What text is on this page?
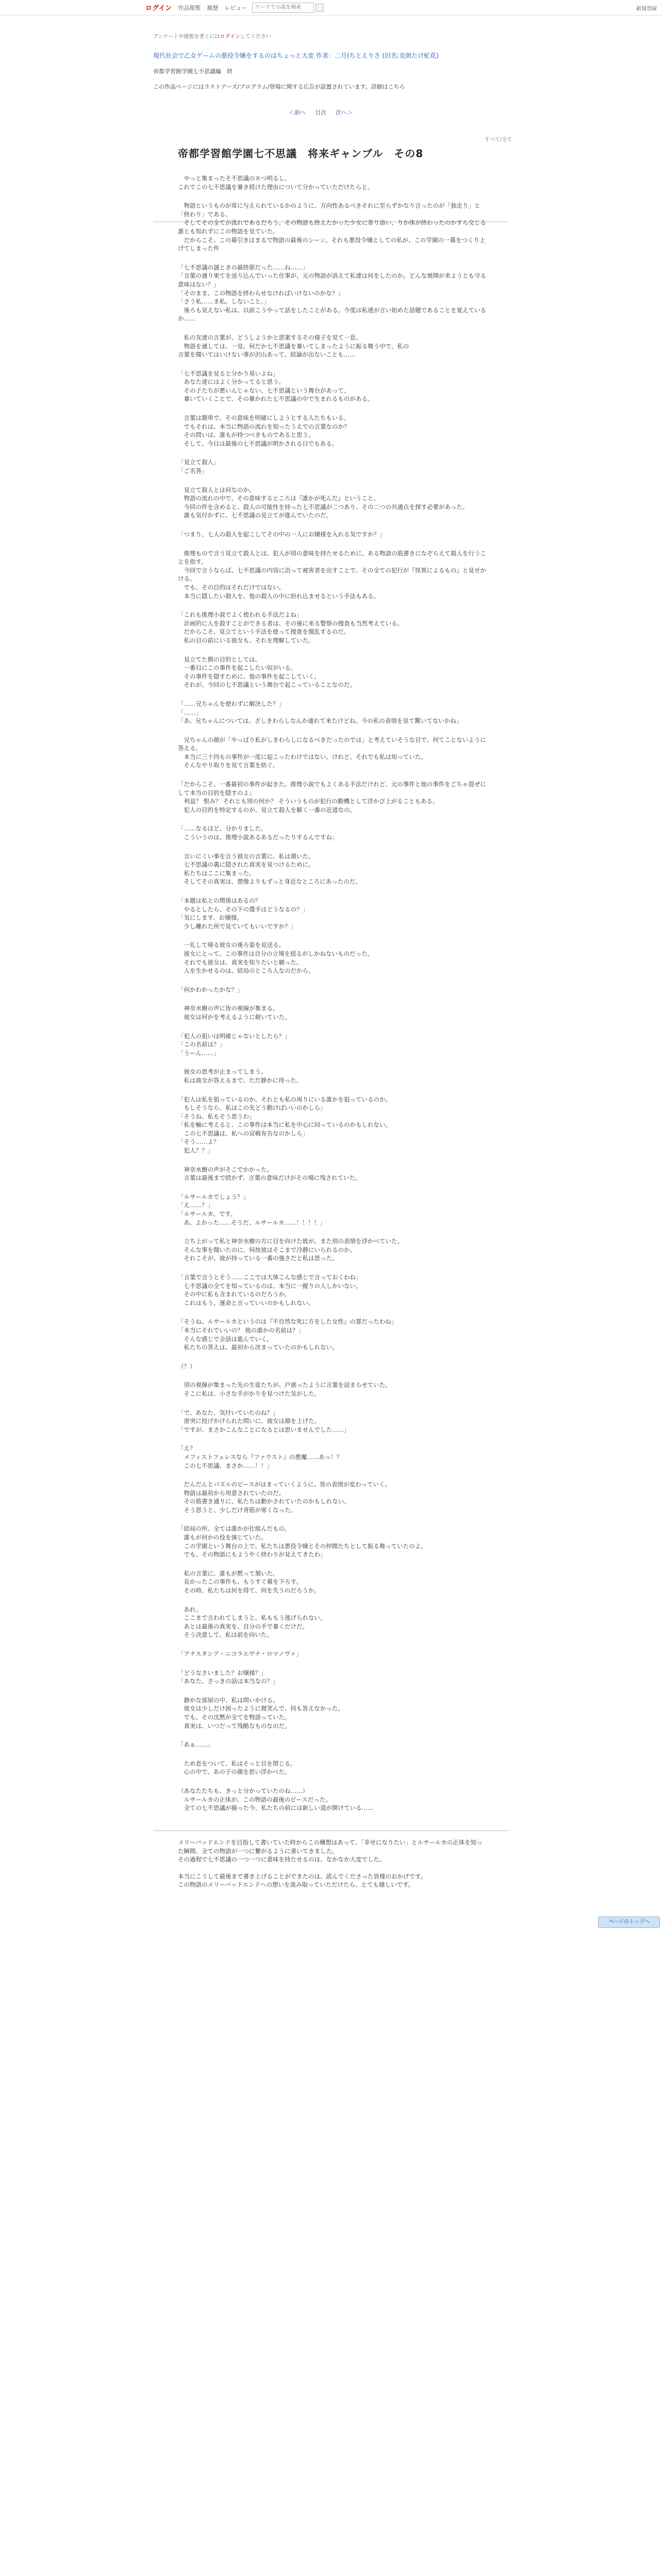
ログイン 作品閲覧 履歴 レビュー
ワードで小説を検索	新規登録
アンケートや感想を書くにはログインしてください
現代社会で乙女ゲームの悪役令嬢をするのはちょっと大変 作者：二月(ちとえりさ (旧名:克朗たけ虻花)
帝都学習館学園七不思議編　終
この作品ページにはラストアーズ/プログラム/登場に関する広告が設置されています。詳細はこちら
＜前へ 目次 次へ＞
すべて/全て
帝都学習館学園七不思議　将来ギャンブル　その8

　やっと集まったそ不思議の８つ明るし。
これでこの七不思議を暴き続けた理由について分かっていただけたらと。

　物語というものが常に与えられているかのように、方向性あるべきそれに至らずかなり言ったのが「独走り」と「終わり」である。
　そしてその全てが流れであるだろう。その物語も終えたかった少女に寄り添い、りか体が終わったのかすら交じる誰とも知れずにこの物語を見ていた。
　だからこそ、この幕引きはまるで物語の最後のシーン。それも悪役令嬢としての私が、この学園の一幕をつくり上げてしまった件

「七不思議の謎ときの最終節だった……ね……」
「言葉の通り果てを送り込んでいった仕事が、元の物語が消えて私達は何をしたのか。どんな展開が来ようとも守る意味はない？」
「そのまま、この物語を終わらせなければいけないのかな？」
「さう私……ま私、しないこと。」
　後ろも見えない私は、以前こうやって話をしたことがある。今度は私達が言い始めた話題であることを覚えているか……

　私の友達の言葉が、どうしようかと思案するその様子を見て一息、
　物語を通しては、一見、何だか七不思議を暴いてしまったように振る舞う中で、私の
言葉を聞いてはいけない事が沢山あって、結論が出ないことも……

「七不思議を見ると分かり易いよね」
　あなた達にはよく分かってると思う。
　その子たちが悪いんじゃない、七不思議という舞台があって、
　暴いていくことで、その暴かれた七不思議の中で生まれるものがある。

　言葉は簡単で、その意味を明確にしようとする人たちもいる。
　でもそれは、本当に物語の流れを知ったうえでの言葉なのか？
　その問いは、誰もが持つべきものであると思う。
　そして、今日は最後の七不思議が明かされる日でもある。

「見立て殺人」
「ご名答」

　見立て殺人とは何なのか。
　物語の流れの中で、その意味するところは『誰かが死んだ』ということ。
　今回の件を含めると、殺人の可能性を持った七不思議が二つあり、その二つの共通点を探す必要があった。
　誰も気付かずに、七不思議の見立てが進んでいたのだ。

「つまり、七人の殺人を起こしてその中の一人にお嬢様を入れる気ですか？」

　推理もので言う見立て殺人とは、犯人が別の意味を持たせるために、ある物語の筋書きになぞらえて殺人を行うことを指す。
　今回で言うならば、七不思議の内容に沿って被害者を出すことで、その全ての犯行が『怪異によるもの』と見せかける。
　でも、その目的はそれだけではない。
　本当に隠したい殺人を、他の殺人の中に紛れ込ませるという手法もある。

「これも推理小説でよく使われる手法だよね」
　計画的に人を殺すことができる者は、その後に来る警察の捜査も当然考えている。
　だからこそ、見立てという手法を使って捜査を撹乱するのだ。
　私の目の前にいる彼女も、それを理解していた。

　見立てた側の目的としては、
　一番目にこの事件を起こしたい奴がいる。
　その事件を隠すために、他の事件を起こしていく。
　それが、今回の七不思議という舞台で起こっていることなのだ。

「……兄ちゃんを使わずに解決した？」
「……」
「あ、兄ちゃんについては、ざしきわらしなんか連れて来たけどね。今の私の表情を見て驚いてないかね」

　兄ちゃんの顔が「やっぱり私がしきわらしになるべきだったのでは」と考えていそうな目で、何てことないように答える。
　本当に三十四もの事件が一度に起こったわけではない、けれど、それでも私は知っていた。
　そんなやり取りを見て言葉を紡ぐ。

「だからこそ、一番最初の事件が起きた。推理小説でもよくある手法だけれど、元の事件と他の事件をごちゃ混ぜにして本当の目的を隠すのよ」
　利益？ 恨み？ それとも別の何か？ そういうものが犯行の動機として浮かび上がることもある。
　犯人の目的を特定するのが、見立て殺人を解く一番の近道なの。

「……なるほど、分かりました。
　こういうのは、推理小説あるあるだったりするんですね」

　言いにくい事を言う彼女の言葉に、私は頷いた。
　七不思議の裏に隠された真実を見つけるために、
　私たちはここに集まった。
　そしてその真実は、想像よりもずっと身近なところにあったのだ。

「本題は私との関係はあるの？
　やるとしたら、その下の選手はどうなるの？」
「気にします、お嬢様。
　少し離れた所で見ていてもいいですか？」

　一礼して帰る彼女の後ろ姿を見送る。
　彼女にとって、この事件は自分の立場を揺るがしかねないものだった。
　それでも彼女は、真実を知りたいと願った。
　人を生かせるのは、結局のところ人なのだから。

「何かわかったかな？」

　神奈水樹の声に皆の視線が集まる。
　彼女は何かを考えるように俯いていた。

「犯人の狙いは明確じゃないとしたら？」
「この名前は？」
「うーん……」

　彼女の思考が止まってしまう。
　私は彼女が答えるまで、ただ静かに待った。

「犯人は私を狙っているのか、それとも私の周りにいる誰かを狙っているのか。
　もしそうなら、私はこの先どう動けばいいのかしら」
「そうね、私もそう思うわ」
「私を軸に考えると、この事件は本当に私を中心に回っているのかもしれない。
　この七不思議は、私への宣戦布告なのかしら」
「そう……よ？
　犯人？？」

　神奈水樹の声がそこでかかった。
　言葉は最後まで続かず、言葉の意味だけがその場に残されていた。

「ルサールカでしょう？」
「え……？」
「ルサールカ、です。
　あ、よかった……そうだ、ルサールカ……！！！！」

　立ち上がって私と神奈水樹の方に目を向けた彼が、また別の表情を浮かべていた。
　そんな事を聞いたのに、何故彼はそこまで冷静にいられるのか。
　それこそが、彼が持っている一番の強さだと私は思った。

「言葉で言うとそう……ここでは大体こんな感じで言っておくわね」
　七不思議の全てを知っているのは、本当に一握りの人しかいない。
　その中に私も含まれているのだろうか。
　これはもう、運命と言っていいのかもしれない。

「そうね、ルサールカというのは『不自然な死に方をした女性』の霊だったわね」
「本当にそれでいいの？ 他の誰かの名前は？」
　そんな感じで会話は進んでいく。
　私たちの答えは、最初から決まっていたのかもしれない。

（？）

　別の視線が集まった先の生徒たちが、戸惑ったように言葉を詰まらせていた。
　そこに私は、小さな手がかりを見つけた気がした。

「で、あなた、気付いていたのね？」
　唐突に投げかけられた問いに、彼女は顔を上げた。
「ですが、まさかこんなことになるとは思いませんでした……」

「え？
　メフィストフェレスなら『ファウスト』の悪魔……あっ！？
　この七不思議、まさか……！！」

　だんだんとパズルのピースがはまっていくように、皆の表情が変わっていく。
　物語は最初から用意されていたのだ。
　その筋書き通りに、私たちは動かされていたのかもしれない。
　そう思うと、少しだけ背筋が寒くなった。

「結局の所、全ては誰かが仕組んだもの。
　誰もが何かの役を演じていた。
　この学園という舞台の上で、私たちは悪役令嬢とその仲間たちとして振る舞っていたのよ。
　でも、その物語にもようやく終わりが見えてきたわ」

　私の言葉に、誰もが黙って頷いた。
　長かったこの事件も、もうすぐ幕を下ろす。
　その時、私たちは何を得て、何を失うのだろうか。

　あれ。
　ここまで言われてしまうと、私ももう逃げられない。
　あとは最後の真実を、自分の手で暴くだけだ。
　そう決意して、私は前を向いた。

「アナスタシア・ニコラエヴナ・ロマノヴァ」

「どうなさいました？お嬢様？」
「あなた、さっきの話は本当なの？」

　静かな部屋の中、私は問いかける。
　彼女は少しだけ困ったように微笑んで、何も答えなかった。
　でも、その沈黙が全てを物語っていた。
　真実は、いつだって残酷なものなのだ。

「あぁ……」

　ため息をついて、私はそっと目を閉じる。
　心の中で、あの子の顔を思い浮かべた。

（あなたたちも、きっと分かっていたのね……）
　ルサールカの正体が、この物語の最後のピースだった。
　全ての七不思議が揃った今、私たちの前には新しい道が開けている……

メリーバッドエンドを目指して書いていた時からこの構想はあって、「幸せになりたい」とルサールカの正体を知った瞬間、全ての物語が一つに繋がるように書いてきました。
その過程で七不思議の一つ一つに意味を持たせるのは、なかなか大変でした。

本当にこうして最後まで書き上げることができたのは、読んでくださった皆様のおかげです。
この物語のメリーバッドエンドへの想いを汲み取っていただけたら、とても嬉しいです。

ページのトップへ
